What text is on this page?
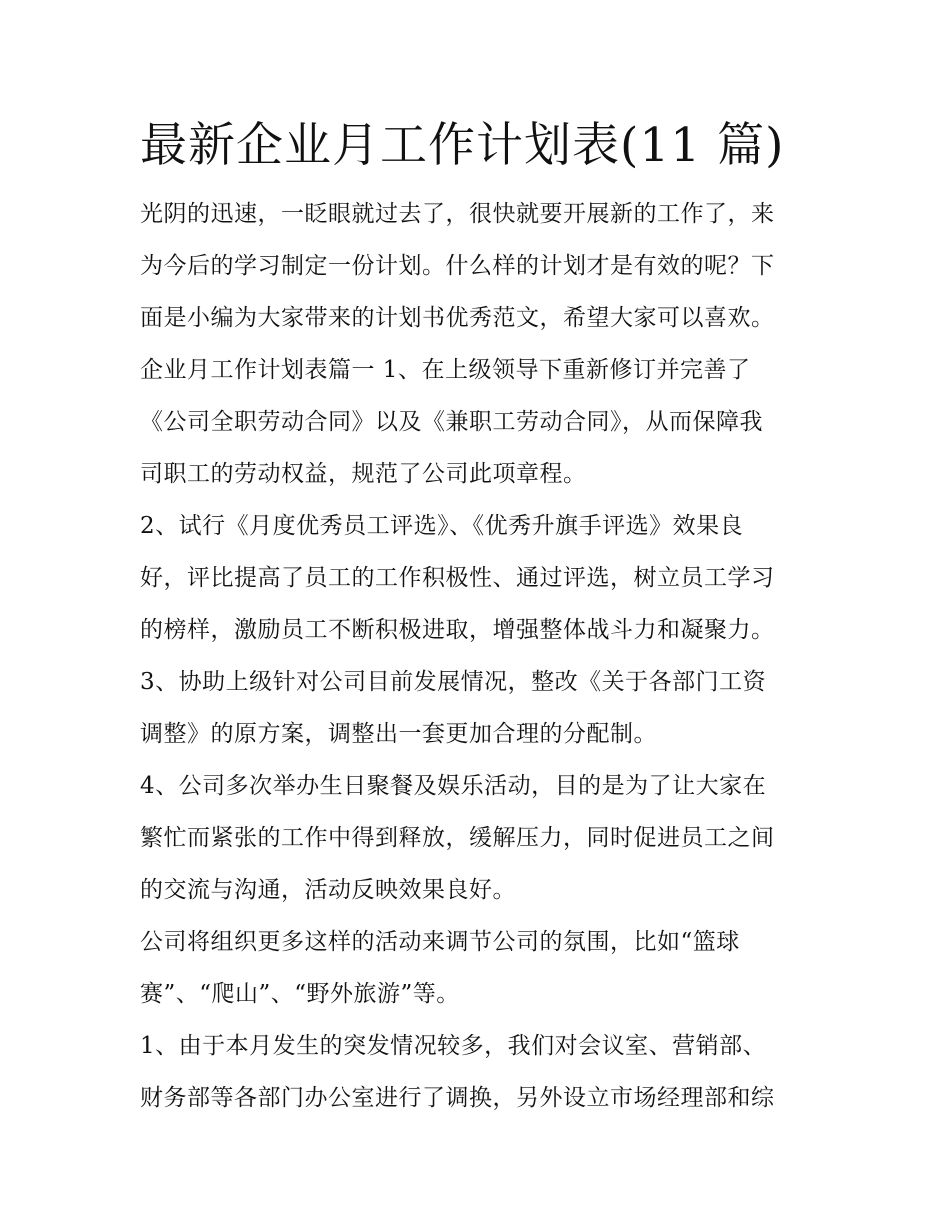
最新企业月工作计划表(11 篇)
光阴的迅速，一眨眼就过去了，很快就要开展新的工作了，来
为今后的学习制定一份计划。什么样的计划才是有效的呢？下
面是小编为大家带来的计划书优秀范文，希望大家可以喜欢。
企业月工作计划表篇一 1、在上级领导下重新修订并完善了
《公司全职劳动合同》以及《兼职工劳动合同》，从而保障我
司职工的劳动权益，规范了公司此项章程。
2、试行《月度优秀员工评选》、《优秀升旗手评选》效果良
好，评比提高了员工的工作积极性、通过评选，树立员工学习
的榜样，激励员工不断积极进取，增强整体战斗力和凝聚力。
3、协助上级针对公司目前发展情况，整改《关于各部门工资
调整》的原方案，调整出一套更加合理的分配制。
4、公司多次举办生日聚餐及娱乐活动，目的是为了让大家在
繁忙而紧张的工作中得到释放，缓解压力，同时促进员工之间
的交流与沟通，活动反映效果良好。
公司将组织更多这样的活动来调节公司的氛围，比如“篮球
赛”、“爬山”、“野外旅游”等。
1、由于本月发生的突发情况较多，我们对会议室、营销部、
财务部等各部门办公室进行了调换，另外设立市场经理部和综
